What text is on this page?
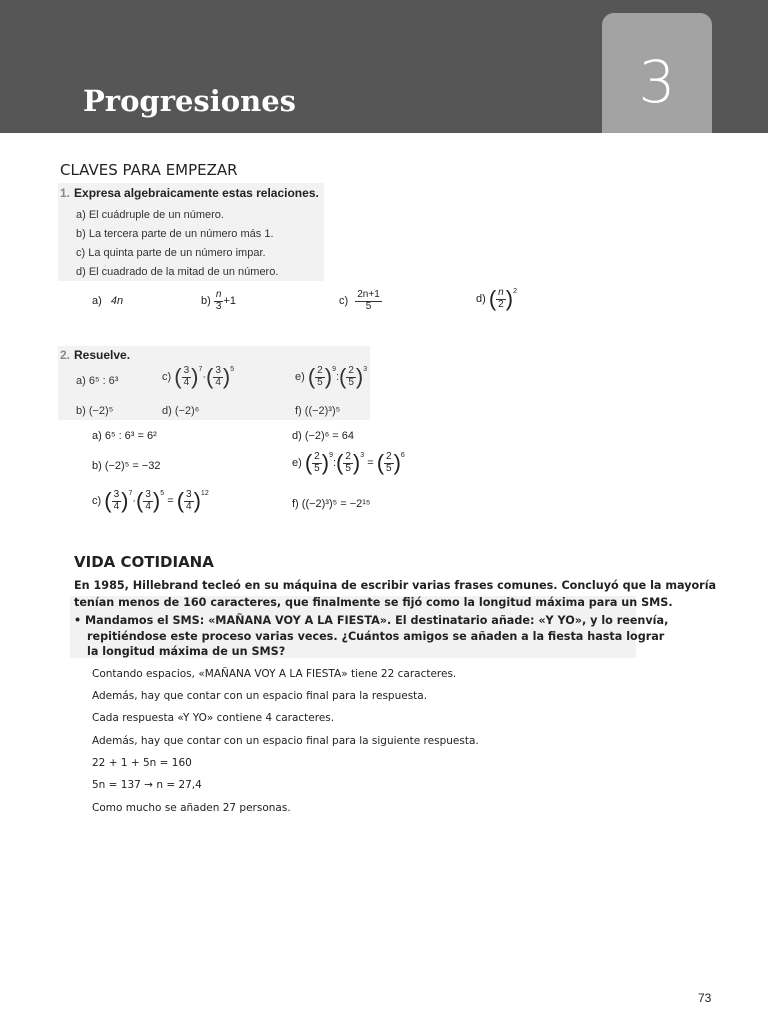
Progresiones	3
CLAVES PARA EMPEZAR
1. Expresa algebraicamente estas relaciones.
a) El cuádruple de un número.
b) La tercera parte de un número más 1.
c) La quinta parte de un número impar.
d) El cuadrado de la mitad de un número.
a) 4n	$b) \frac{n}{3} +1$	$c) \frac{2n+1}{5}$	d) ( $\frac{n}{2} )^2$
2. Resuelve.
a) 6⁵ : 6³
b) (−2)⁵
c) ( $\frac{3}{4} )^7\cdot( \frac{3}{4} )^5$
d) (−2)⁶
e) ( $\frac{2}{5}$ )$^9$:( $\frac{2}{5} )^3$
f) ((−2)³)⁵
a) 6⁵ : 6³ = 6²
b) (−2)⁵ = −32
c) ( $\frac{3}{4} )^7\cdot( \frac{3}{4} )^5$ = ( $\frac{3}{4} )^{12}$
d) (−2)⁶ = 64
e) ( $\frac{2}{5}$ )$^9$:( $\frac{2}{5} )^3$ = ( $\frac{2}{5} )^6$
f) ((−2)³)⁵ = −2¹⁵
VIDA COTIDIANA
En 1985, Hillebrand tecleó en su máquina de escribir varias frases comunes. Concluyó que la mayoría
tenían menos de 160 caracteres, que finalmente se fijó como la longitud máxima para un SMS.
• Mandamos el SMS: «MAÑANA VOY A LA FIESTA». El destinatario añade: «Y YO», y lo reenvía,
repitiéndose este proceso varias veces. ¿Cuántos amigos se añaden a la fiesta hasta lograr
la longitud máxima de un SMS?
Contando espacios, «MAÑANA VOY A LA FIESTA» tiene 22 caracteres.
Además, hay que contar con un espacio final para la respuesta.
Cada respuesta «Y YO» contiene 4 caracteres.
Además, hay que contar con un espacio final para la siguiente respuesta.
22 + 1 + 5n = 160
5n = 137 → n = 27,4
Como mucho se añaden 27 personas.
73
